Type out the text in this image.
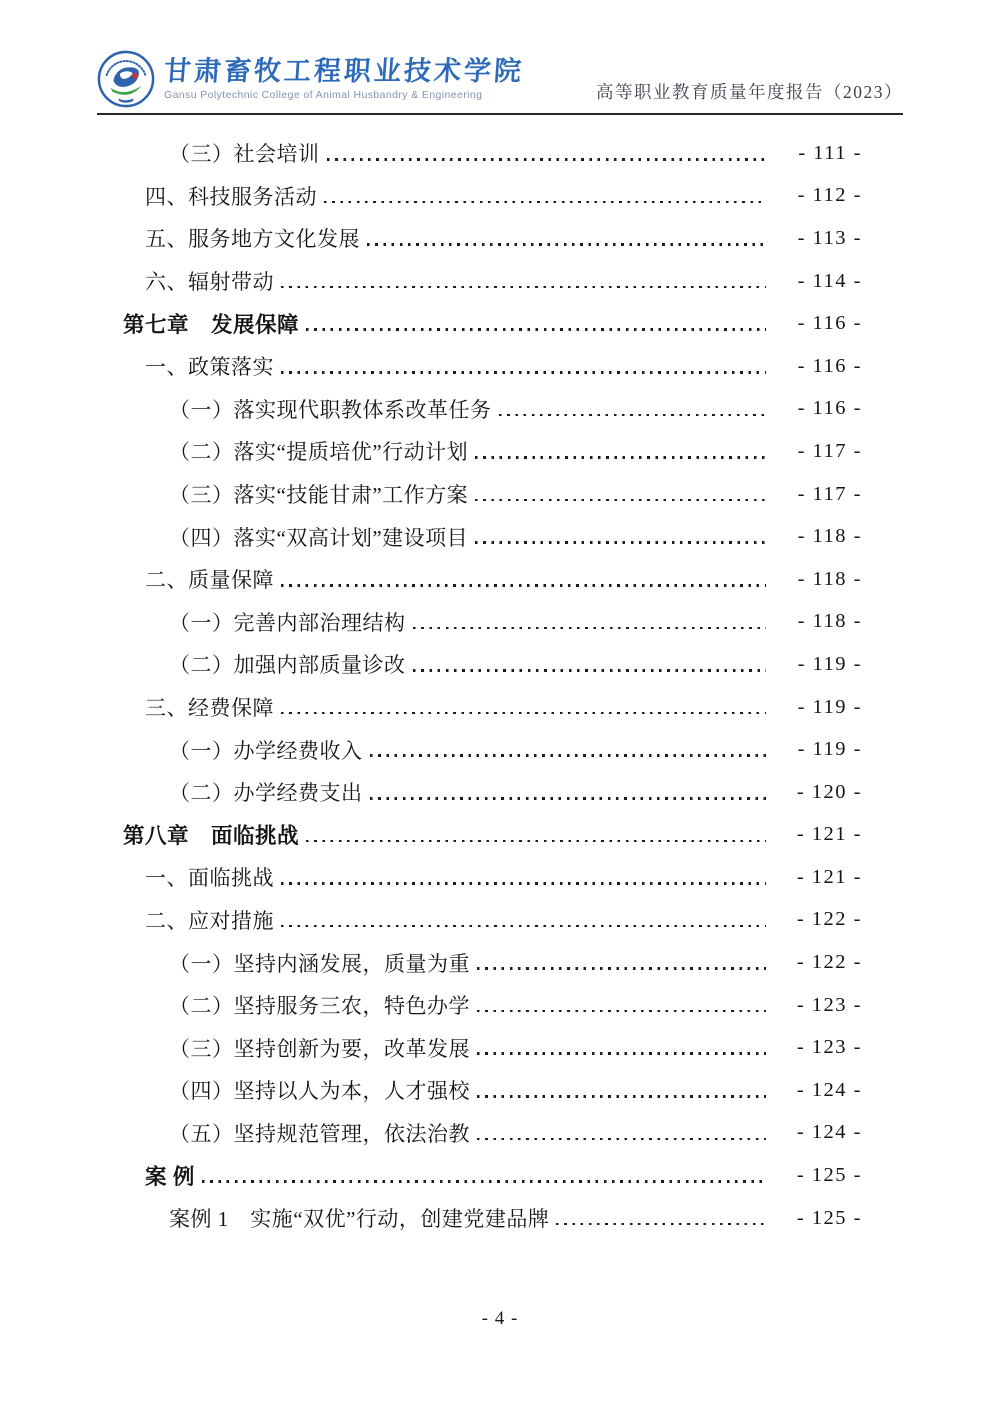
甘肃畜牧工程职业技术学院
Gansu Polytechnic College of Animal Husbandry & Engineering	高等职业教育质量年度报告（2023）
（三）社会培训	- 111 -
四、科技服务活动	- 112 -
五、服务地方文化发展	- 113 -
六、辐射带动	- 114 -
第七章　发展保障	- 116 -
一、政策落实	- 116 -
（一）落实现代职教体系改革任务	- 116 -
（二）落实“提质培优”行动计划	- 117 -
（三）落实“技能甘肃”工作方案	- 117 -
（四）落实“双高计划”建设项目	- 118 -
二、质量保障	- 118 -
（一）完善内部治理结构	- 118 -
（二）加强内部质量诊改	- 119 -
三、经费保障	- 119 -
（一）办学经费收入	- 119 -
（二）办学经费支出	- 120 -
第八章　面临挑战	- 121 -
一、面临挑战	- 121 -
二、应对措施	- 122 -
（一）坚持内涵发展，质量为重	- 122 -
（二）坚持服务三农，特色办学	- 123 -
（三）坚持创新为要，改革发展	- 123 -
（四）坚持以人为本，人才强校	- 124 -
（五）坚持规范管理，依法治教	- 124 -
案 例	- 125 -
案例 1　实施“双优”行动，创建党建品牌	- 125 -
- 4 -
